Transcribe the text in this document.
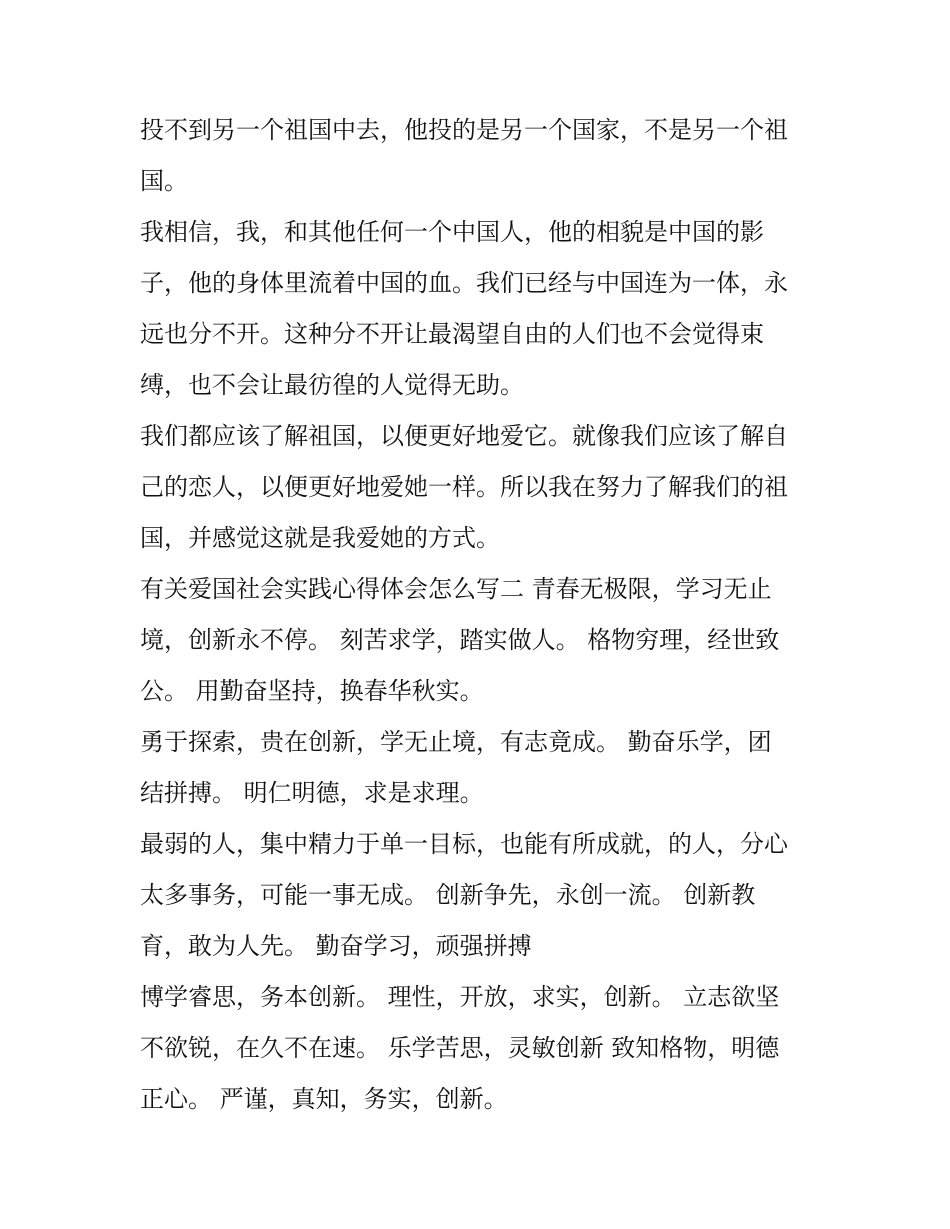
投不到另一个祖国中去，他投的是另一个国家，不是另一个祖
国。
我相信，我，和其他任何一个中国人，他的相貌是中国的影
子，他的身体里流着中国的血。我们已经与中国连为一体，永
远也分不开。这种分不开让最渴望自由的人们也不会觉得束
缚，也不会让最彷徨的人觉得无助。
我们都应该了解祖国，以便更好地爱它。就像我们应该了解自
己的恋人，以便更好地爱她一样。所以我在努力了解我们的祖
国，并感觉这就是我爱她的方式。
有关爱国社会实践心得体会怎么写二 青春无极限，学习无止
境，创新永不停。 刻苦求学，踏实做人。 格物穷理，经世致
公。 用勤奋坚持，换春华秋实。
勇于探索，贵在创新，学无止境，有志竟成。 勤奋乐学，团
结拼搏。 明仁明德，求是求理。
最弱的人，集中精力于单一目标，也能有所成就，的人，分心
太多事务，可能一事无成。 创新争先，永创一流。 创新教
育，敢为人先。 勤奋学习，顽强拼搏
博学睿思，务本创新。 理性，开放，求实，创新。 立志欲坚
不欲锐，在久不在速。 乐学苦思，灵敏创新 致知格物，明德
正心。 严谨，真知，务实，创新。
